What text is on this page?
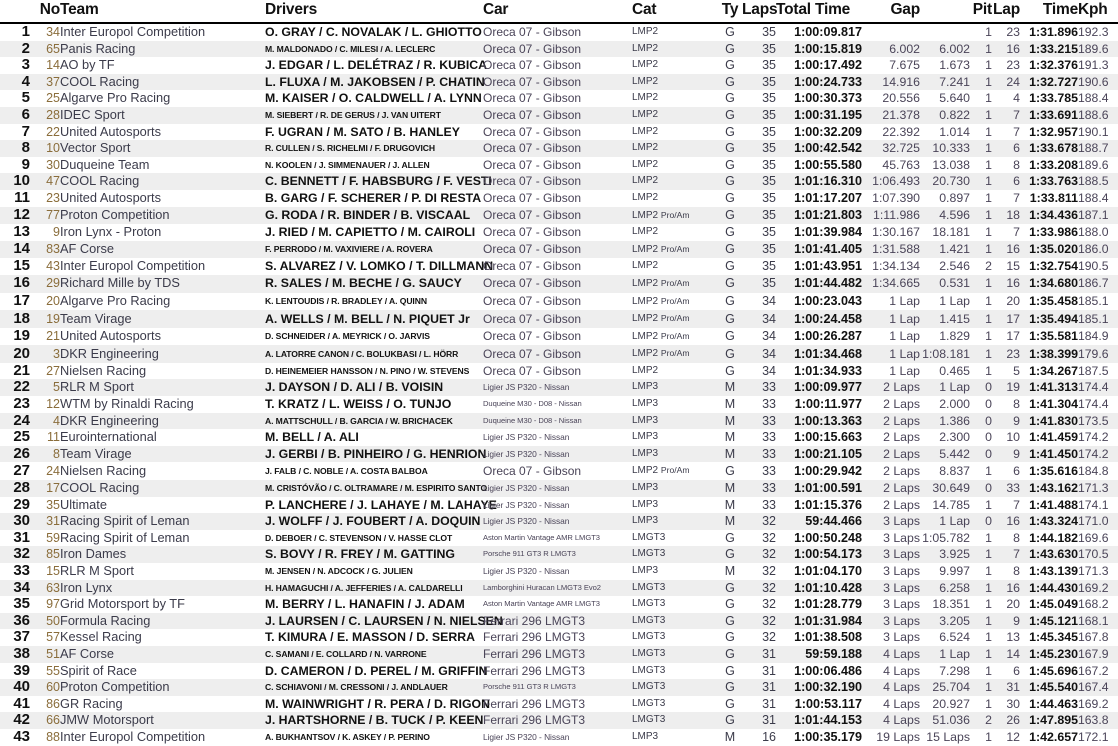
	No	Team	Drivers	Car	Cat	Ty	Laps	Total Time	Gap		Pit	Lap	Time	Kph
1	34	Inter Europol Competition	O. GRAY / C. NOVALAK / L. GHIOTTO	Oreca 07 - Gibson	LMP2	G	35	1:00:09.817			1	23	1:31.896	192.3
2	65	Panis Racing	M. MALDONADO / C. MILESI / A. LECLERC	Oreca 07 - Gibson	LMP2	G	35	1:00:15.819	6.002	6.002	1	16	1:33.215	189.6
3	14	AO by TF	J. EDGAR / L. DELÉTRAZ / R. KUBICA	Oreca 07 - Gibson	LMP2	G	35	1:00:17.492	7.675	1.673	1	23	1:32.376	191.3
4	37	COOL Racing	L. FLUXA / M. JAKOBSEN / P. CHATIN	Oreca 07 - Gibson	LMP2	G	35	1:00:24.733	14.916	7.241	1	24	1:32.727	190.6
5	25	Algarve Pro Racing	M. KAISER / O. CALDWELL / A. LYNN	Oreca 07 - Gibson	LMP2	G	35	1:00:30.373	20.556	5.640	1	4	1:33.785	188.4
6	28	IDEC Sport	M. SIEBERT / R. DE GERUS / J. VAN UITERT	Oreca 07 - Gibson	LMP2	G	35	1:00:31.195	21.378	0.822	1	7	1:33.691	188.6
7	22	United Autosports	F. UGRAN / M. SATO / B. HANLEY	Oreca 07 - Gibson	LMP2	G	35	1:00:32.209	22.392	1.014	1	7	1:32.957	190.1
8	10	Vector Sport	R. CULLEN / S. RICHELMI / F. DRUGOVICH	Oreca 07 - Gibson	LMP2	G	35	1:00:42.542	32.725	10.333	1	6	1:33.678	188.7
9	30	Duqueine Team	N. KOOLEN / J. SIMMENAUER / J. ALLEN	Oreca 07 - Gibson	LMP2	G	35	1:00:55.580	45.763	13.038	1	8	1:33.208	189.6
10	47	COOL Racing	C. BENNETT / F. HABSBURG / F. VESTI	Oreca 07 - Gibson	LMP2	G	35	1:01:16.310	1:06.493	20.730	1	6	1:33.763	188.5
11	23	United Autosports	B. GARG / F. SCHERER / P. DI RESTA	Oreca 07 - Gibson	LMP2	G	35	1:01:17.207	1:07.390	0.897	1	7	1:33.811	188.4
12	77	Proton Competition	G. RODA / R. BINDER / B. VISCAAL	Oreca 07 - Gibson	LMP2 Pro/Am	G	35	1:01:21.803	1:11.986	4.596	1	18	1:34.436	187.1
13	9	Iron Lynx - Proton	J. RIED / M. CAPIETTO / M. CAIROLI	Oreca 07 - Gibson	LMP2	G	35	1:01:39.984	1:30.167	18.181	1	7	1:33.986	188.0
14	83	AF Corse	F. PERRODO / M. VAXIVIERE / A. ROVERA	Oreca 07 - Gibson	LMP2 Pro/Am	G	35	1:01:41.405	1:31.588	1.421	1	16	1:35.020	186.0
15	43	Inter Europol Competition	S. ALVAREZ / V. LOMKO / T. DILLMANN	Oreca 07 - Gibson	LMP2	G	35	1:01:43.951	1:34.134	2.546	2	15	1:32.754	190.5
16	29	Richard Mille by TDS	R. SALES / M. BECHE / G. SAUCY	Oreca 07 - Gibson	LMP2 Pro/Am	G	35	1:01:44.482	1:34.665	0.531	1	16	1:34.680	186.7
17	20	Algarve Pro Racing	K. LENTOUDIS / R. BRADLEY / A. QUINN	Oreca 07 - Gibson	LMP2 Pro/Am	G	34	1:00:23.043	1 Lap	1 Lap	1	20	1:35.458	185.1
18	19	Team Virage	A. WELLS / M. BELL / N. PIQUET Jr	Oreca 07 - Gibson	LMP2 Pro/Am	G	34	1:00:24.458	1 Lap	1.415	1	17	1:35.494	185.1
19	21	United Autosports	D. SCHNEIDER / A. MEYRICK / O. JARVIS	Oreca 07 - Gibson	LMP2 Pro/Am	G	34	1:00:26.287	1 Lap	1.829	1	17	1:35.581	184.9
20	3	DKR Engineering	A. LATORRE CANON / C. BOLUKBASI / L. HÖRR	Oreca 07 - Gibson	LMP2 Pro/Am	G	34	1:01:34.468	1 Lap	1:08.181	1	23	1:38.399	179.6
21	27	Nielsen Racing	D. HEINEMEIER HANSSON / N. PINO / W. STEVENS	Oreca 07 - Gibson	LMP2	G	34	1:01:34.933	1 Lap	0.465	1	5	1:34.267	187.5
22	5	RLR M Sport	J. DAYSON / D. ALI / B. VOISIN	Ligier JS P320 - Nissan	LMP3	M	33	1:00:09.977	2 Laps	1 Lap	0	19	1:41.313	174.4
23	12	WTM by Rinaldi Racing	T. KRATZ / L. WEISS / O. TUNJO	Duqueine M30 - D08 - Nissan	LMP3	M	33	1:00:11.977	2 Laps	2.000	0	8	1:41.304	174.4
24	4	DKR Engineering	A. MATTSCHULL / B. GARCIA / W. BRICHACEK	Duqueine M30 - D08 - Nissan	LMP3	M	33	1:00:13.363	2 Laps	1.386	0	9	1:41.830	173.5
25	11	Eurointernational	M. BELL / A. ALI	Ligier JS P320 - Nissan	LMP3	M	33	1:00:15.663	2 Laps	2.300	0	10	1:41.459	174.2
26	8	Team Virage	J. GERBI / B. PINHEIRO / G. HENRION	Ligier JS P320 - Nissan	LMP3	M	33	1:00:21.105	2 Laps	5.442	0	9	1:41.450	174.2
27	24	Nielsen Racing	J. FALB / C. NOBLE / A. COSTA BALBOA	Oreca 07 - Gibson	LMP2 Pro/Am	G	33	1:00:29.942	2 Laps	8.837	1	6	1:35.616	184.8
28	17	COOL Racing	M. CRISTÓVÃO / C. OLTRAMARE / M. ESPIRITO SANTO	Ligier JS P320 - Nissan	LMP3	M	33	1:01:00.591	2 Laps	30.649	0	33	1:43.162	171.3
29	35	Ultimate	P. LANCHERE / J. LAHAYE / M. LAHAYE	Ligier JS P320 - Nissan	LMP3	M	33	1:01:15.376	2 Laps	14.785	1	7	1:41.488	174.1
30	31	Racing Spirit of Leman	J. WOLFF / J. FOUBERT / A. DOQUIN	Ligier JS P320 - Nissan	LMP3	M	32	59:44.466	3 Laps	1 Lap	0	16	1:43.324	171.0
31	59	Racing Spirit of Leman	D. DEBOER / C. STEVENSON / V. HASSE CLOT	Aston Martin Vantage AMR LMGT3	LMGT3	G	32	1:00:50.248	3 Laps	1:05.782	1	8	1:44.182	169.6
32	85	Iron Dames	S. BOVY / R. FREY / M. GATTING	Porsche 911 GT3 R LMGT3	LMGT3	G	32	1:00:54.173	3 Laps	3.925	1	7	1:43.630	170.5
33	15	RLR M Sport	M. JENSEN / N. ADCOCK / G. JULIEN	Ligier JS P320 - Nissan	LMP3	M	32	1:01:04.170	3 Laps	9.997	1	8	1:43.139	171.3
34	63	Iron Lynx	H. HAMAGUCHI / A. JEFFERIES / A. CALDARELLI	Lamborghini Huracan LMGT3 Evo2	LMGT3	G	32	1:01:10.428	3 Laps	6.258	1	16	1:44.430	169.2
35	97	Grid Motorsport by TF	M. BERRY / L. HANAFIN / J. ADAM	Aston Martin Vantage AMR LMGT3	LMGT3	G	32	1:01:28.779	3 Laps	18.351	1	20	1:45.049	168.2
36	50	Formula Racing	J. LAURSEN / C. LAURSEN / N. NIELSEN	Ferrari 296 LMGT3	LMGT3	G	32	1:01:31.984	3 Laps	3.205	1	9	1:45.121	168.1
37	57	Kessel Racing	T. KIMURA / E. MASSON / D. SERRA	Ferrari 296 LMGT3	LMGT3	G	32	1:01:38.508	3 Laps	6.524	1	13	1:45.345	167.8
38	51	AF Corse	C. SAMANI / E. COLLARD / N. VARRONE	Ferrari 296 LMGT3	LMGT3	G	31	59:59.188	4 Laps	1 Lap	1	14	1:45.230	167.9
39	55	Spirit of Race	D. CAMERON / D. PEREL / M. GRIFFIN	Ferrari 296 LMGT3	LMGT3	G	31	1:00:06.486	4 Laps	7.298	1	6	1:45.696	167.2
40	60	Proton Competition	C. SCHIAVONI / M. CRESSONI / J. ANDLAUER	Porsche 911 GT3 R LMGT3	LMGT3	G	31	1:00:32.190	4 Laps	25.704	1	31	1:45.540	167.4
41	86	GR Racing	M. WAINWRIGHT / R. PERA / D. RIGON	Ferrari 296 LMGT3	LMGT3	G	31	1:00:53.117	4 Laps	20.927	1	30	1:44.463	169.2
42	66	JMW Motorsport	J. HARTSHORNE / B. TUCK / P. KEEN	Ferrari 296 LMGT3	LMGT3	G	31	1:01:44.153	4 Laps	51.036	2	26	1:47.895	163.8
43	88	Inter Europol Competition	A. BUKHANTSOV / K. ASKEY / P. PERINO	Ligier JS P320 - Nissan	LMP3	M	16	1:00:35.179	19 Laps	15 Laps	1	12	1:42.657	172.1
